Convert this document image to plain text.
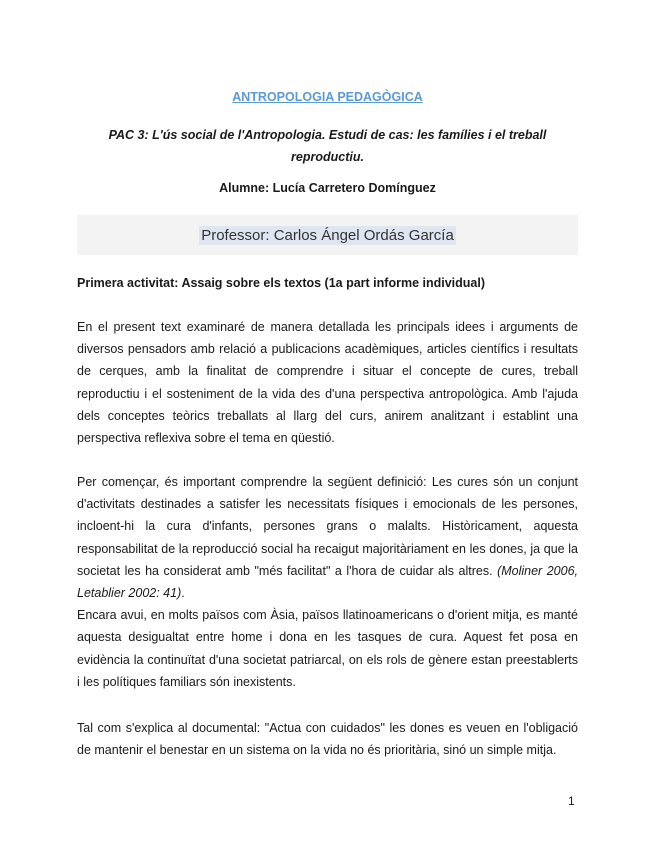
ANTROPOLOGIA PEDAGÒGICA
PAC 3: L'ús social de l'Antropologia. Estudi de cas: les famílies i el treball reproductiu.
Alumne: Lucía Carretero Domínguez
Professor: Carlos Ángel Ordás García
Primera activitat: Assaig sobre els textos (1a part informe individual)

En el present text examinaré de manera detallada les principals idees i arguments de diversos pensadors amb relació a publicacions acadèmiques, articles científics i resultats de cerques, amb la finalitat de comprendre i situar el concepte de cures, treball reproductiu i el sosteniment de la vida des d'una perspectiva antropològica. Amb l'ajuda dels conceptes teòrics treballats al llarg del curs, anirem analitzant i establint una perspectiva reflexiva sobre el tema en qüestió.

Per començar, és important comprendre la següent definició: Les cures són un conjunt d'activitats destinades a satisfer les necessitats físiques i emocionals de les persones, incloent-hi la cura d'infants, persones grans o malalts. Històricament, aquesta responsabilitat de la reproducció social ha recaigut majoritàriament en les dones, ja que la societat les ha considerat amb "més facilitat" a l'hora de cuidar als altres. (Moliner 2006, Letablier 2002: 41).

Encara avui, en molts països com Àsia, països llatinoamericans o d'orient mitja, es manté aquesta desigualtat entre home i dona en les tasques de cura. Aquest fet posa en evidència la continuïtat d'una societat patriarcal, on els rols de gènere estan preestablerts i les polítiques familiars són inexistents.

Tal com s'explica al documental: "Actua con cuidados" les dones es veuen en l'obligació de mantenir el benestar en un sistema on la vida no és prioritària, sinó un simple mitja.

1
